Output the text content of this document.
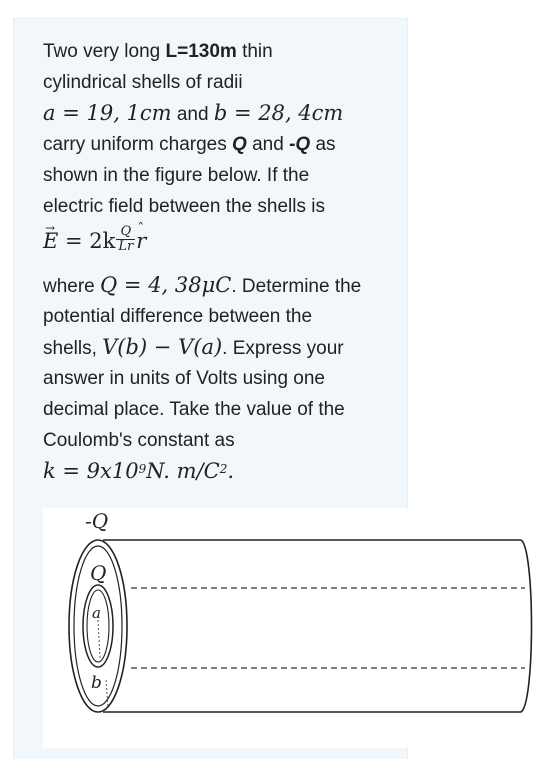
Two very long L=130m thin
cylindrical shells of radii
a = 19, 1cm and b = 28, 4cm
carry uniform charges Q and -Q as
shown in the figure below. If the
electric field between the shells is
→ $E = 2k \frac{Q}{Lr}$
ˆ r
where Q = 4, 38μC. Determine the
potential difference between the
shells, V(b) − V(a). Express your
answer in units of Volts using one
decimal place. Take the value of the
Coulomb's constant as
$k = 9x10^9N$. $m/C^2$.
-Q
Q
a
b
